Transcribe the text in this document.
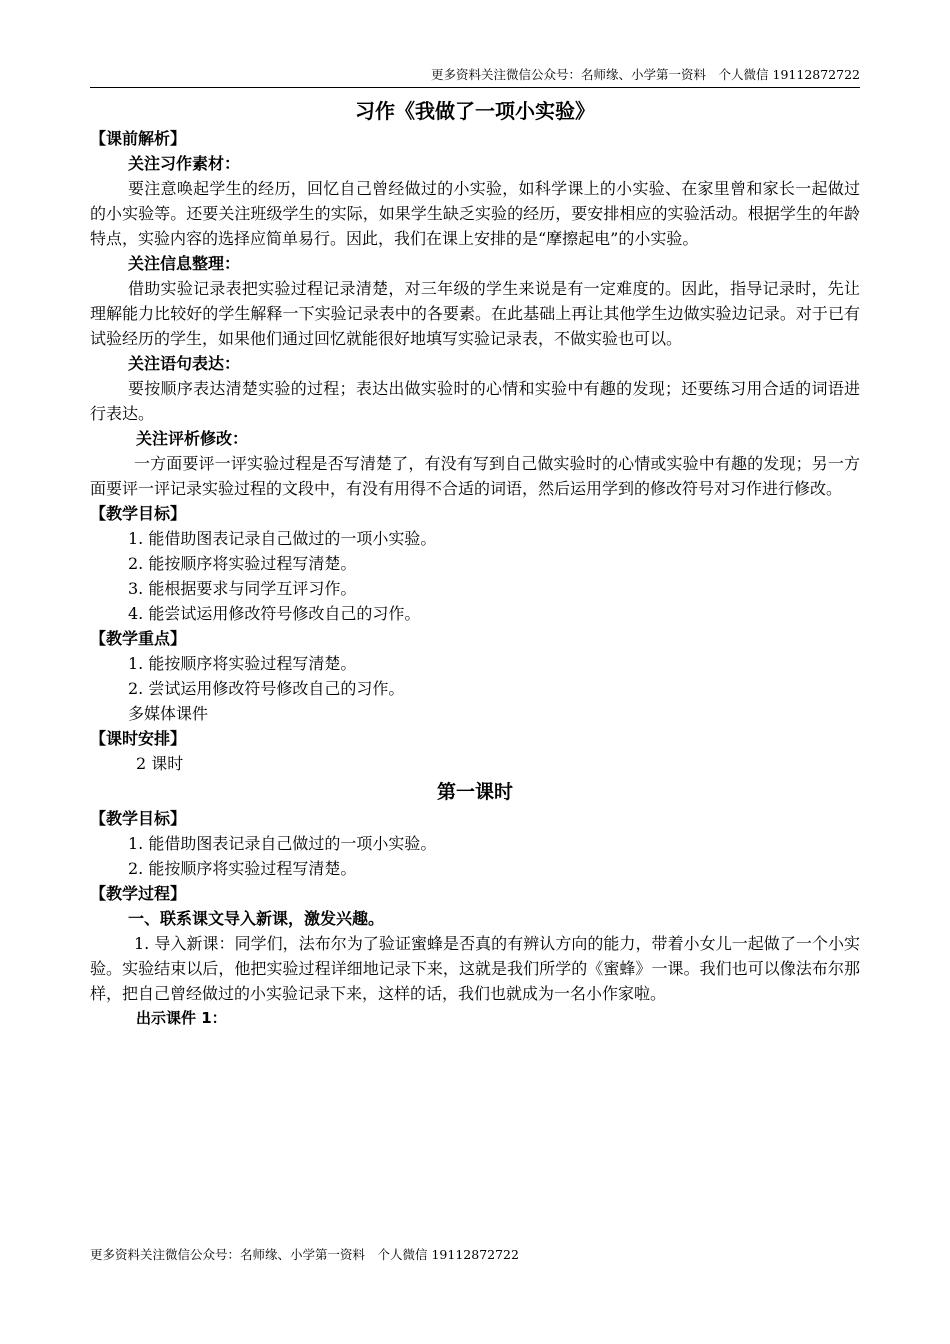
更多资料关注微信公众号：名师缘、小学第一资料　个人微信 19112872722

习作《我做了一项小实验》

【课前解析】

关注习作素材：

要注意唤起学生的经历，回忆自己曾经做过的小实验，如科学课上的小实验、在家里曾和家长一起做过的小实验等。还要关注班级学生的实际，如果学生缺乏实验的经历，要安排相应的实验活动。根据学生的年龄特点，实验内容的选择应简单易行。因此，我们在课上安排的是“摩擦起电”的小实验。

关注信息整理：

借助实验记录表把实验过程记录清楚，对三年级的学生来说是有一定难度的。因此，指导记录时，先让理解能力比较好的学生解释一下实验记录表中的各要素。在此基础上再让其他学生边做实验边记录。对于已有试验经历的学生，如果他们通过回忆就能很好地填写实验记录表，不做实验也可以。

关注语句表达：

要按顺序表达清楚实验的过程；表达出做实验时的心情和实验中有趣的发现；还要练习用合适的词语进行表达。

关注评析修改：

一方面要评一评实验过程是否写清楚了，有没有写到自己做实验时的心情或实验中有趣的发现；另一方面要评一评记录实验过程的文段中，有没有用得不合适的词语，然后运用学到的修改符号对习作进行修改。

【教学目标】

1. 能借助图表记录自己做过的一项小实验。

2. 能按顺序将实验过程写清楚。

3. 能根据要求与同学互评习作。

4. 能尝试运用修改符号修改自己的习作。

【教学重点】

1. 能按顺序将实验过程写清楚。

2. 尝试运用修改符号修改自己的习作。

多媒体课件

【课时安排】

2 课时

第一课时

【教学目标】

1. 能借助图表记录自己做过的一项小实验。

2. 能按顺序将实验过程写清楚。

【教学过程】

一、联系课文导入新课，激发兴趣。

1. 导入新课：同学们，法布尔为了验证蜜蜂是否真的有辨认方向的能力，带着小女儿一起做了一个小实验。实验结束以后，他把实验过程详细地记录下来，这就是我们所学的《蜜蜂》一课。我们也可以像法布尔那样，把自己曾经做过的小实验记录下来，这样的话，我们也就成为一名小作家啦。

出示课件 1：

更多资料关注微信公众号：名师缘、小学第一资料　个人微信 19112872722
